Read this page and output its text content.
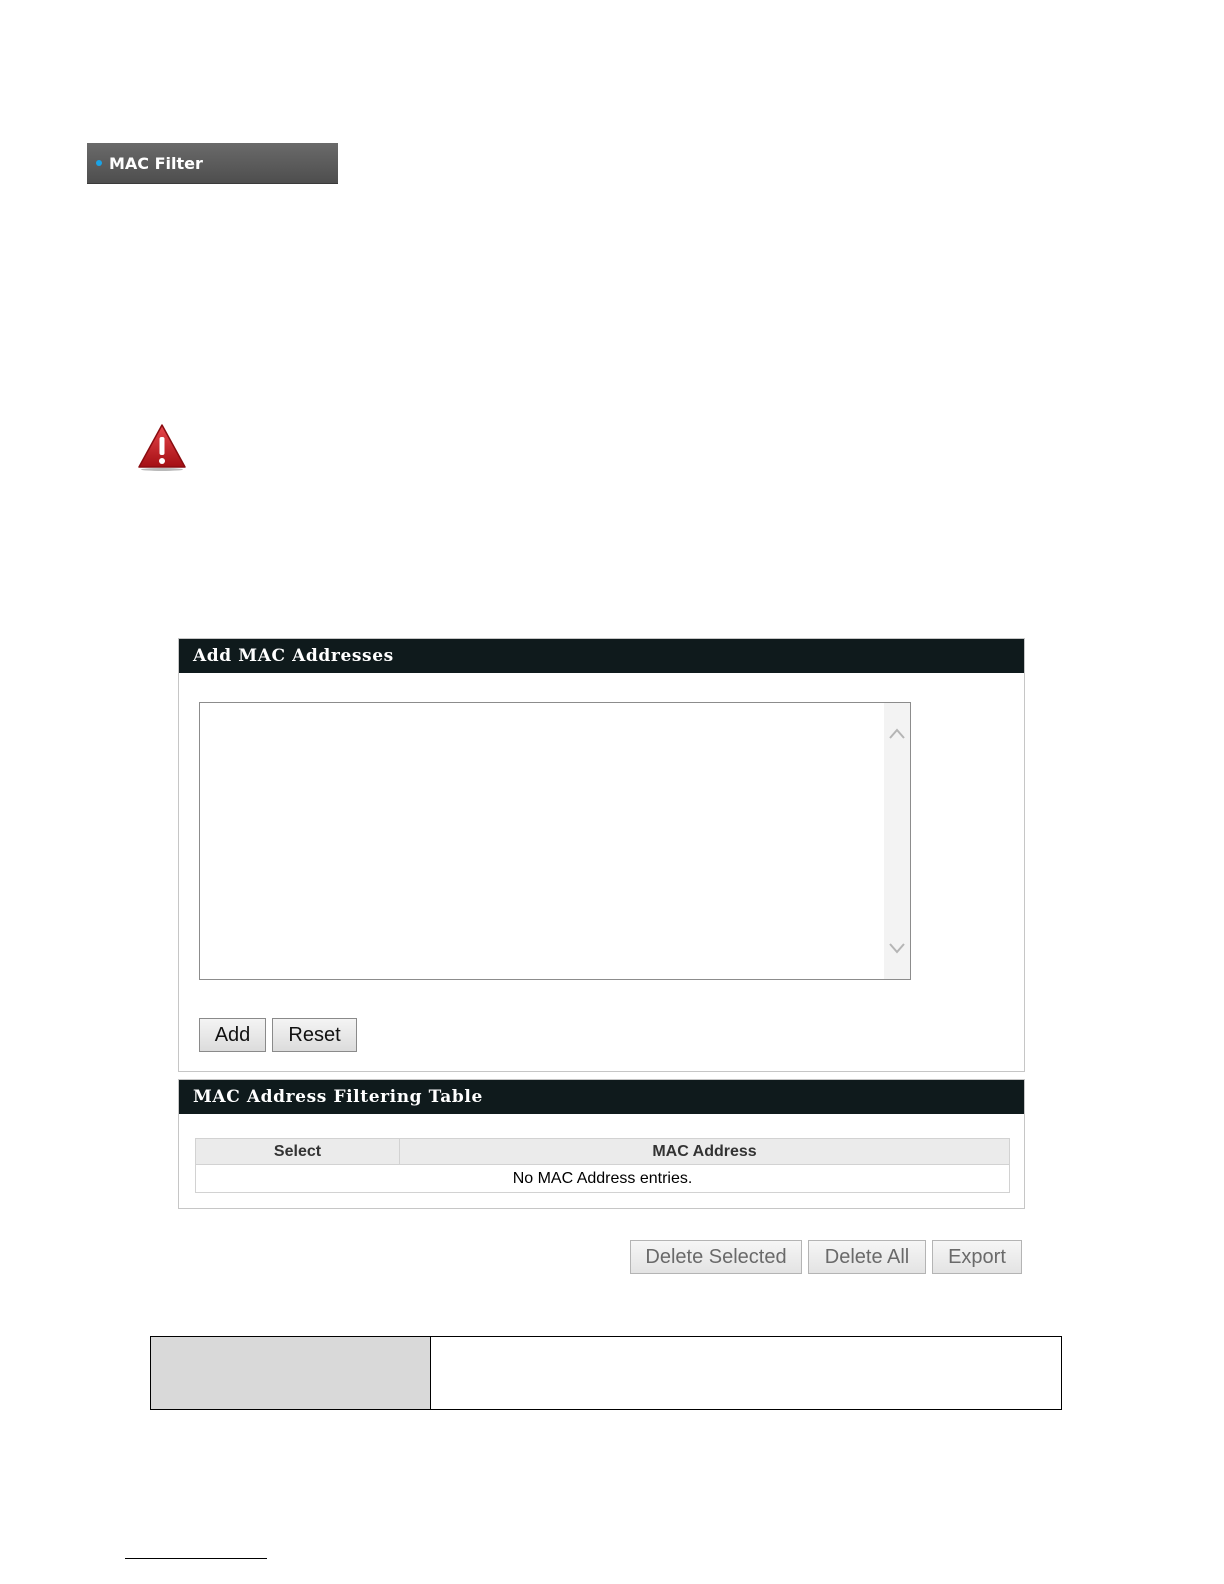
MAC Filter
Add MAC Addresses
Add	Reset
MAC Address Filtering Table
Select	MAC Address
No MAC Address entries.
Delete Selected	Delete All	Export
